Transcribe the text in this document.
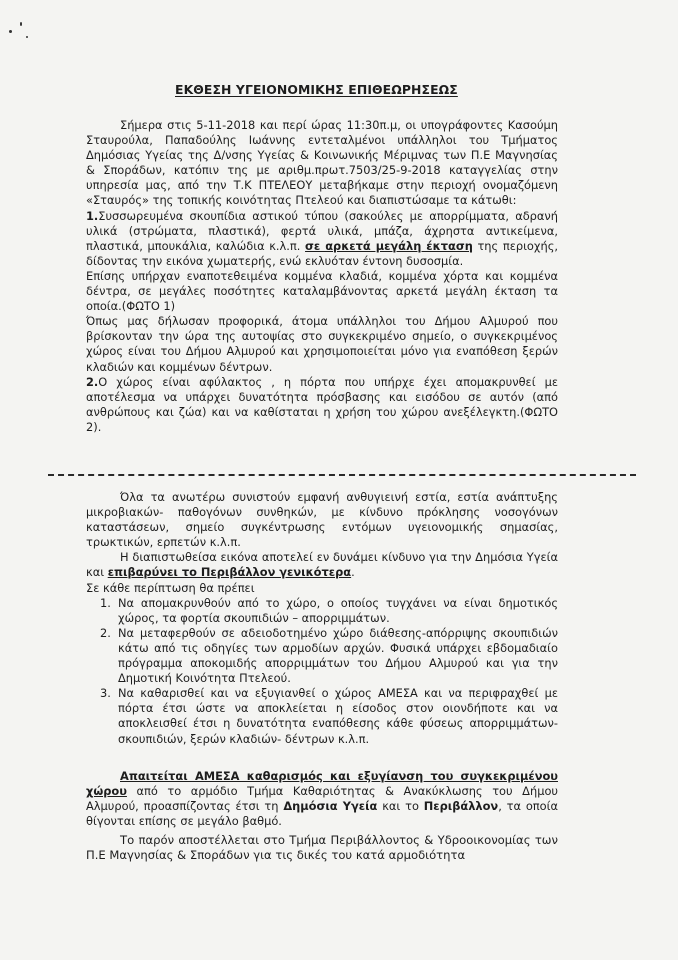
ΕΚΘΕΣΗ ΥΓΕΙΟΝΟΜΙΚΗΣ ΕΠΙΘΕΩΡΗΣΕΩΣ

Σήμερα στις 5-11-2018 και περί ώρας 11:30π.μ, οι υπογράφοντες Κασούμη Σταυρούλα, Παπαδούλης Ιωάννης εντεταλμένοι υπάλληλοι του Τμήματος Δημόσιας Υγείας της Δ/νσης Υγείας & Κοινωνικής Μέριμνας των Π.Ε Μαγνησίας & Σποράδων, κατόπιν της με αριθμ.πρωτ.7503/25-9-2018 καταγγελίας στην υπηρεσία μας, από την Τ.Κ ΠΤΕΛΕΟΥ μεταβήκαμε στην περιοχή ονομαζόμενη «Σταυρός» της τοπικής κοινότητας Πτελεού και διαπιστώσαμε τα κάτωθι:

1.Συσσωρευμένα σκουπίδια αστικού τύπου (σακούλες με απορρίμματα, αδρανή υλικά (στρώματα, πλαστικά), φερτά υλικά, μπάζα, άχρηστα αντικείμενα, πλαστικά, μπουκάλια, καλώδια κ.λ.π. σε αρκετά μεγάλη έκταση της περιοχής, δίδοντας την εικόνα χωματερής, ενώ εκλυόταν έντονη δυσοσμία.

Επίσης υπήρχαν εναποτεθειμένα κομμένα κλαδιά, κομμένα χόρτα και κομμένα δέντρα, σε μεγάλες ποσότητες καταλαμβάνοντας αρκετά μεγάλη έκταση τα οποία.(ΦΩΤΟ 1)

Όπως μας δήλωσαν προφορικά, άτομα υπάλληλοι του Δήμου Αλμυρού που βρίσκονταν την ώρα της αυτοψίας στο συγκεκριμένο σημείο, ο συγκεκριμένος χώρος είναι του Δήμου Αλμυρού και χρησιμοποιείται μόνο για εναπόθεση ξερών κλαδιών και κομμένων δέντρων.

2.Ο χώρος είναι αφύλακτος , η πόρτα που υπήρχε έχει απομακρυνθεί με αποτέλεσμα να υπάρχει δυνατότητα πρόσβασης και εισόδου σε αυτόν (από ανθρώπους και ζώα) και να καθίσταται η χρήση του χώρου ανεξέλεγκτη.(ΦΩΤΟ 2).

Όλα τα ανωτέρω συνιστούν εμφανή ανθυγιεινή εστία, εστία ανάπτυξης μικροβιακών- παθογόνων συνθηκών, με κίνδυνο πρόκλησης νοσογόνων καταστάσεων, σημείο συγκέντρωσης εντόμων υγειονομικής σημασίας, τρωκτικών, ερπετών κ.λ.π.

Η διαπιστωθείσα εικόνα αποτελεί εν δυνάμει κίνδυνο για την Δημόσια Υγεία και επιβαρύνει το Περιβάλλον γενικότερα.

Σε κάθε περίπτωση θα πρέπει

1. Να απομακρυνθούν από το χώρο, ο οποίος τυγχάνει να είναι δημοτικός χώρος, τα φορτία σκουπιδιών – απορριμμάτων.
2. Να μεταφερθούν σε αδειοδοτημένο χώρο διάθεσης-απόρριψης σκουπιδιών κάτω από τις οδηγίες των αρμοδίων αρχών. Φυσικά υπάρχει εβδομαδιαίο πρόγραμμα αποκομιδής απορριμμάτων του Δήμου Αλμυρού και για την Δημοτική Κοινότητα Πτελεού.
3. Να καθαρισθεί και να εξυγιανθεί ο χώρος ΑΜΕΣΑ και να περιφραχθεί με πόρτα έτσι ώστε να αποκλείεται η είσοδος στον οιονδήποτε και να αποκλεισθεί έτσι η δυνατότητα εναπόθεσης κάθε φύσεως απορριμμάτων-σκουπιδιών, ξερών κλαδιών- δέντρων κ.λ.π.

Απαιτείται ΑΜΕΣΑ καθαρισμός και εξυγίανση του συγκεκριμένου χώρου από το αρμόδιο Τμήμα Καθαριότητας & Ανακύκλωσης του Δήμου Αλμυρού, προασπίζοντας έτσι τη Δημόσια Υγεία και το Περιβάλλον, τα οποία θίγονται επίσης σε μεγάλο βαθμό.

Το παρόν αποστέλλεται στο Τμήμα Περιβάλλοντος & Υδροοικονομίας των Π.Ε Μαγνησίας & Σποράδων για τις δικές του κατά αρμοδιότητα
